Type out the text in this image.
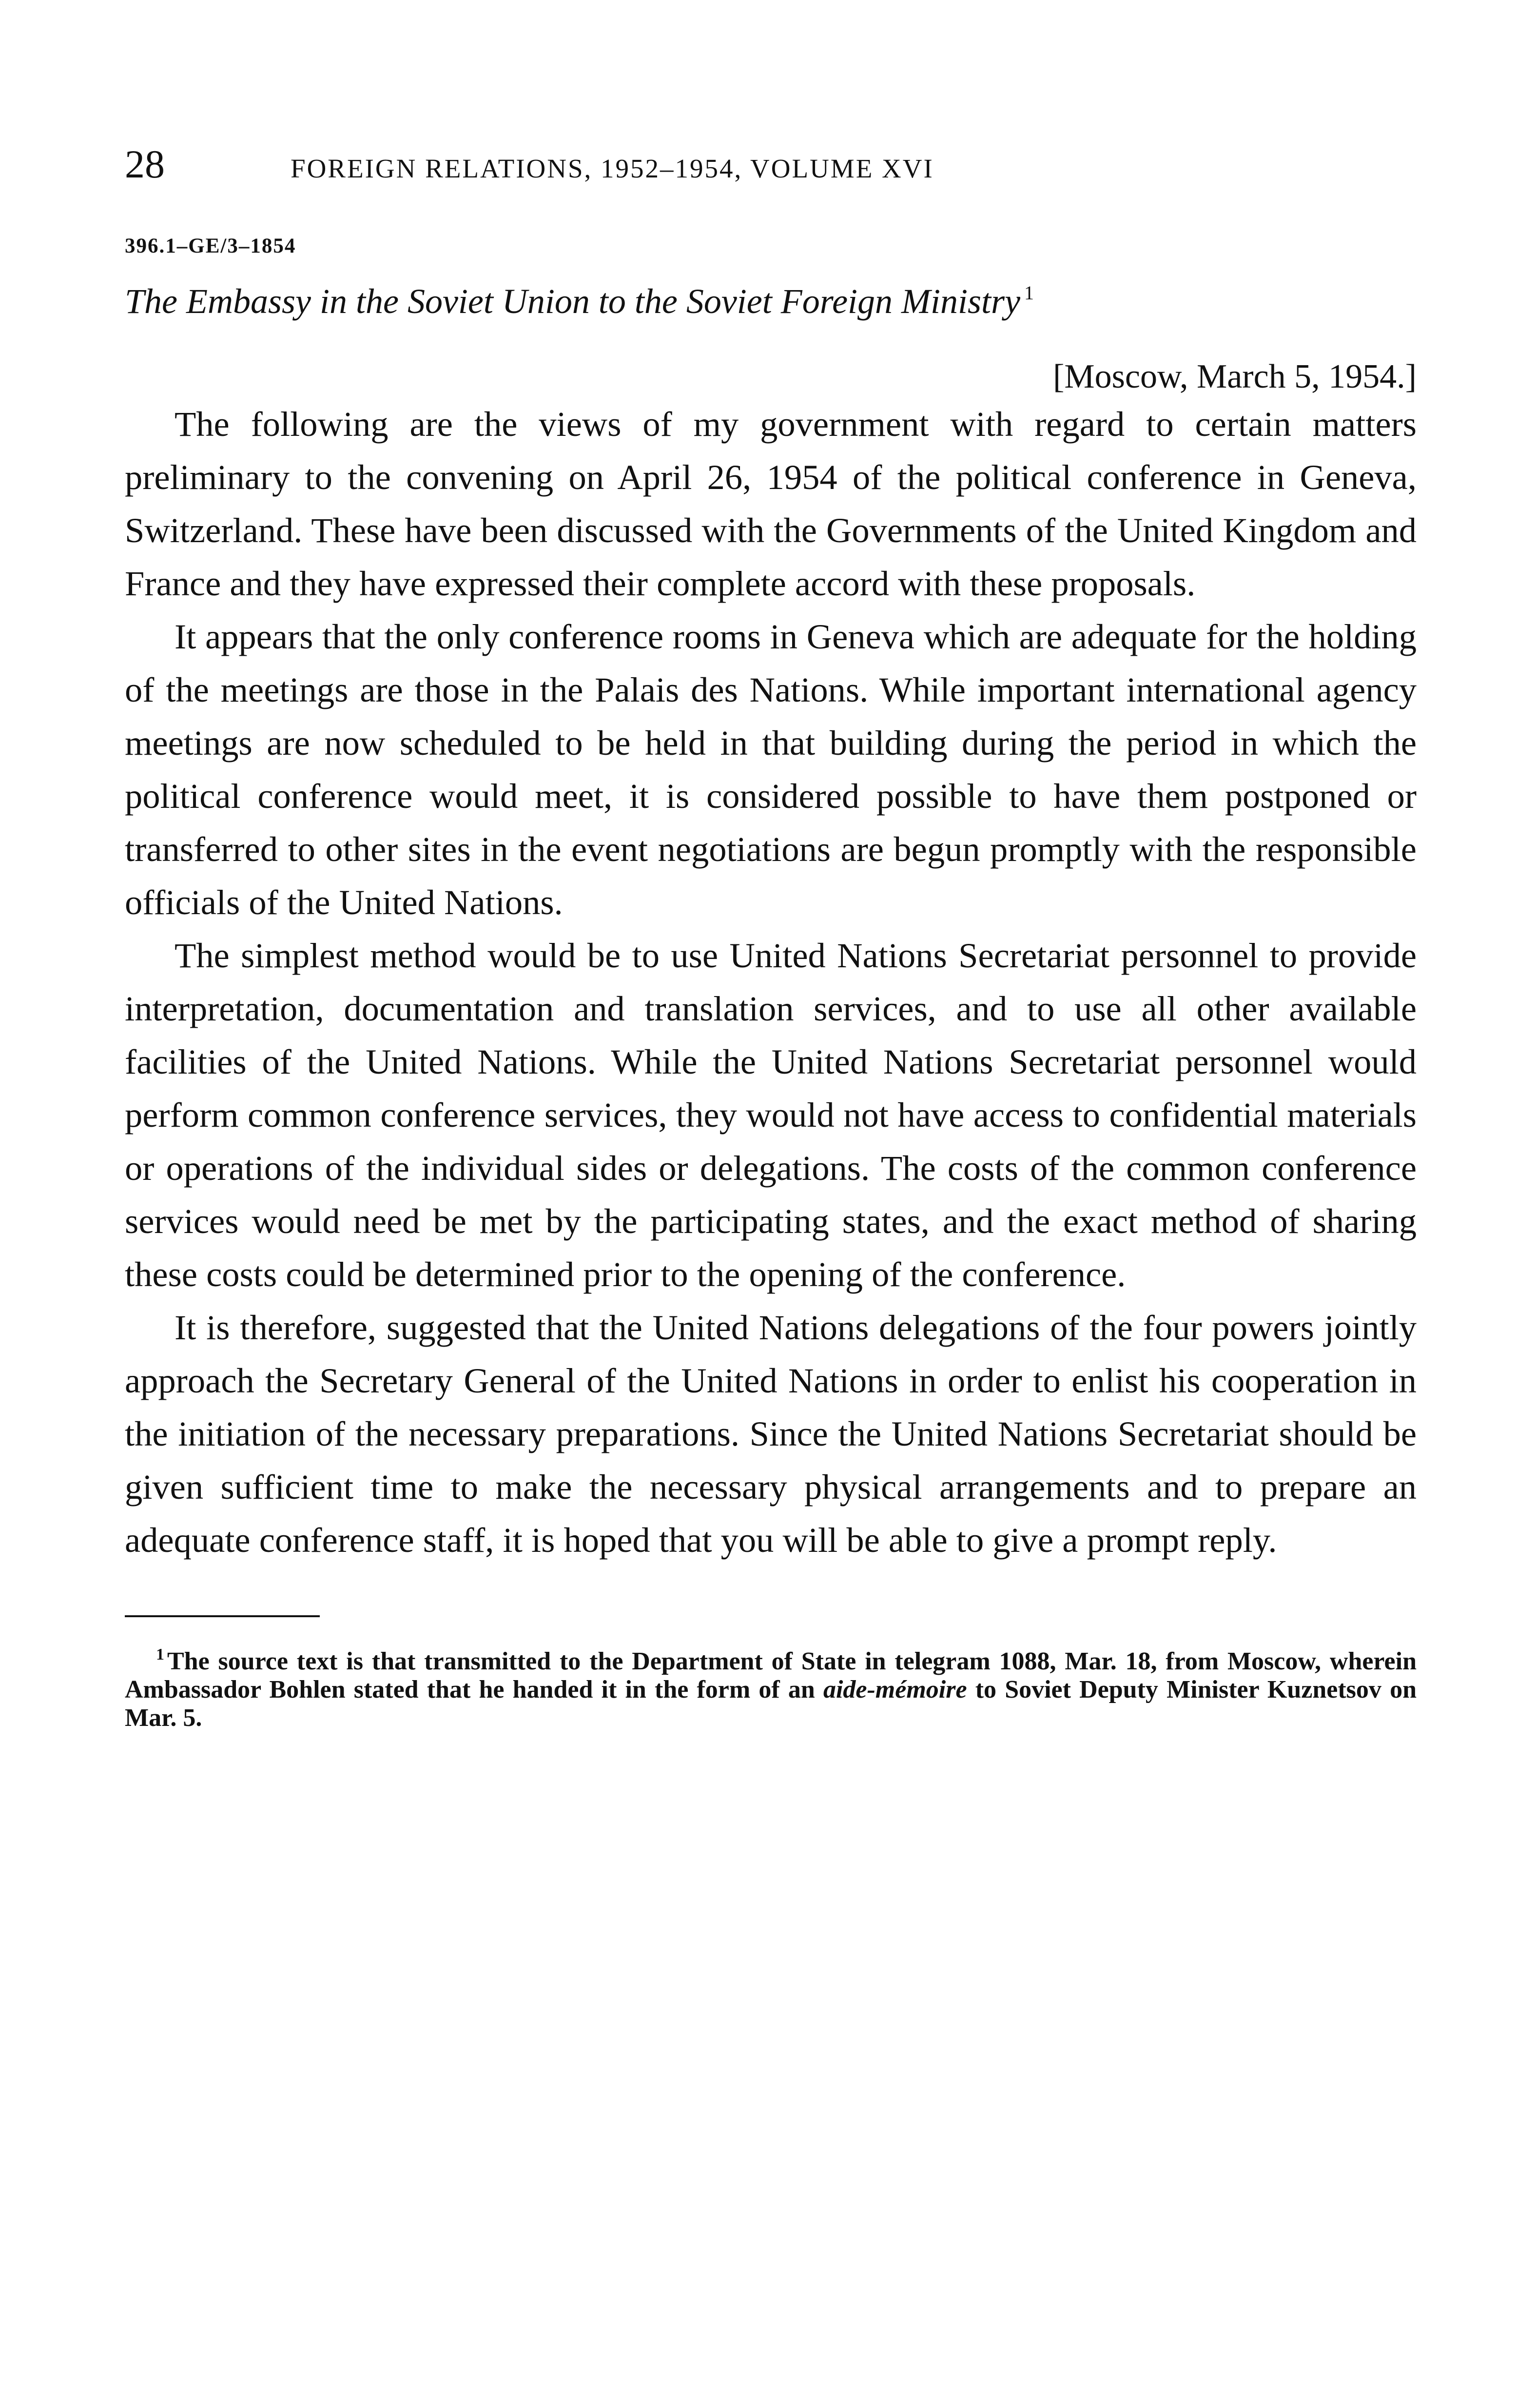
28	FOREIGN RELATIONS, 1952–1954, VOLUME XVI
396.1–GE/3–1854
The Embassy in the Soviet Union to the Soviet Foreign Ministry $^1$
[Moscow, March 5, 1954.]

The following are the views of my government with regard to certain matters preliminary to the convening on April 26, 1954 of the political conference in Geneva, Switzerland. These have been discussed with the Governments of the United Kingdom and France and they have expressed their complete accord with these proposals.

It appears that the only conference rooms in Geneva which are adequate for the holding of the meetings are those in the Palais des Nations. While important international agency meetings are now scheduled to be held in that building during the period in which the political conference would meet, it is considered possible to have them postponed or transferred to other sites in the event negotiations are begun promptly with the responsible officials of the United Nations.

The simplest method would be to use United Nations Secretariat personnel to provide interpretation, documentation and translation services, and to use all other available facilities of the United Nations. While the United Nations Secretariat personnel would perform common conference services, they would not have access to confidential materials or operations of the individual sides or delegations. The costs of the common conference services would need be met by the participating states, and the exact method of sharing these costs could be determined prior to the opening of the conference.

It is therefore, suggested that the United Nations delegations of the four powers jointly approach the Secretary General of the United Nations in order to enlist his cooperation in the initiation of the necessary preparations. Since the United Nations Secretariat should be given sufficient time to make the necessary physical arrangements and to prepare an adequate conference staff, it is hoped that you will be able to give a prompt reply.

$^1$ The source text is that transmitted to the Department of State in telegram 1088, Mar. 18, from Moscow, wherein Ambassador Bohlen stated that he handed it in the form of an aide-mémoire to Soviet Deputy Minister Kuznetsov on Mar. 5.
